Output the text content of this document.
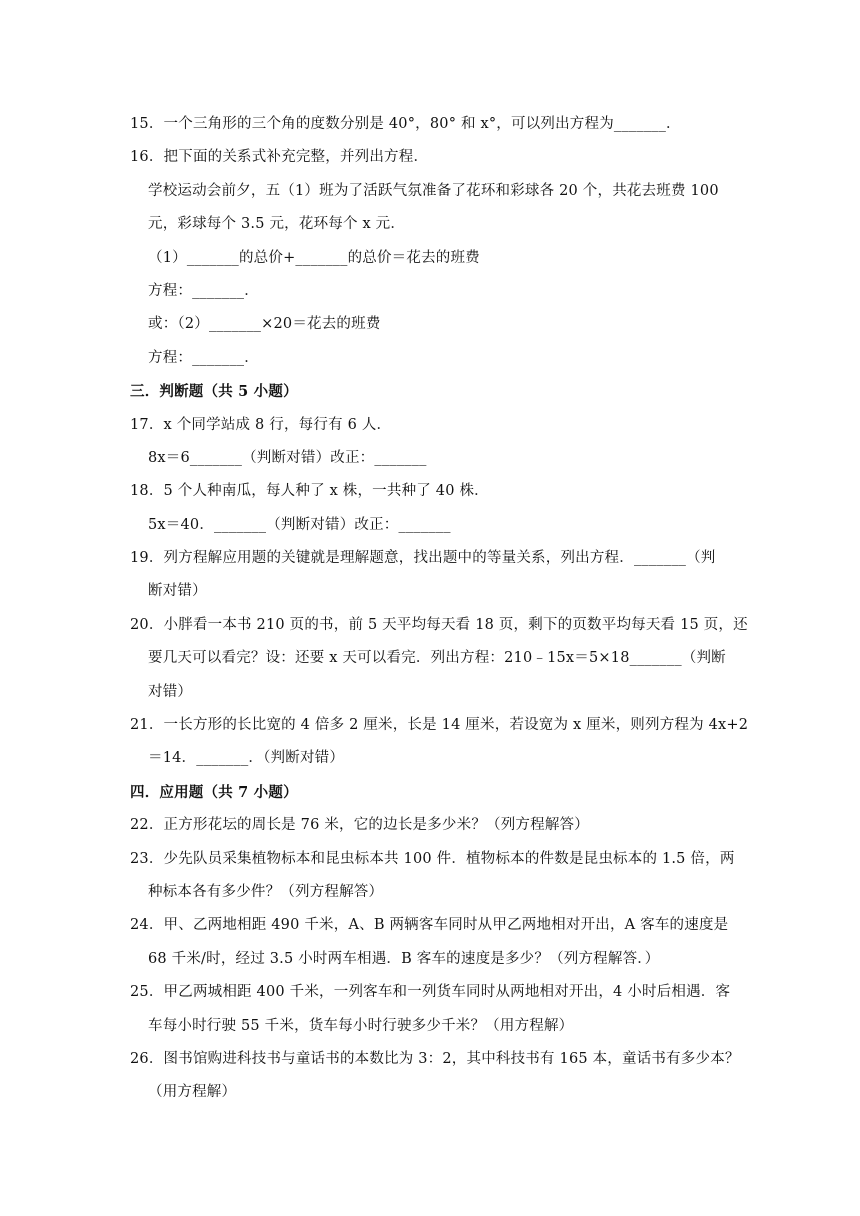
15．一个三角形的三个角的度数分别是 40°，80° 和 x°，可以列出方程为_______．
16．把下面的关系式补充完整，并列出方程．
学校运动会前夕，五（1）班为了活跃气氛准备了花环和彩球各 20 个，共花去班费 100
元，彩球每个 3.5 元，花环每个 x 元．
（1）_______的总价+_______的总价＝花去的班费
方程：_______．
或：（2）_______×20＝花去的班费
方程：_______．
三．判断题（共 5 小题）
17．x 个同学站成 8 行，每行有 6 人．
8x＝6_______（判断对错）改正：_______
18．5 个人种南瓜，每人种了 x 株，一共种了 40 株．
5x＝40．_______（判断对错）改正：_______
19．列方程解应用题的关键就是理解题意，找出题中的等量关系，列出方程．_______（判
断对错）
20．小胖看一本书 210 页的书，前 5 天平均每天看 18 页，剩下的页数平均每天看 15 页，还
要几天可以看完？设：还要 x 天可以看完．列出方程：210﹣15x＝5×18_______（判断
对错）
21．一长方形的长比宽的 4 倍多 2 厘米，长是 14 厘米，若设宽为 x 厘米，则列方程为 4x+2
＝14．_______．（判断对错）
四．应用题（共 7 小题）
22．正方形花坛的周长是 76 米，它的边长是多少米？（列方程解答）
23．少先队员采集植物标本和昆虫标本共 100 件．植物标本的件数是昆虫标本的 1.5 倍，两
种标本各有多少件？（列方程解答）
24．甲、乙两地相距 490 千米，A、B 两辆客车同时从甲乙两地相对开出，A 客车的速度是
68 千米/时，经过 3.5 小时两车相遇．B 客车的速度是多少？（列方程解答．）
25．甲乙两城相距 400 千米，一列客车和一列货车同时从两地相对开出，4 小时后相遇．客
车每小时行驶 55 千米，货车每小时行驶多少千米？（用方程解）
26．图书馆购进科技书与童话书的本数比为 3：2，其中科技书有 165 本，童话书有多少本？
（用方程解）
